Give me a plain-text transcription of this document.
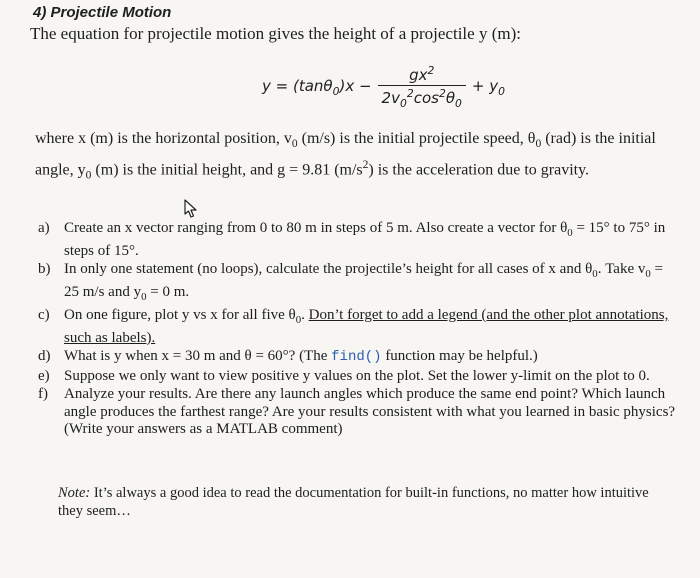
4) Projectile Motion
The equation for projectile motion gives the height of a projectile y (m):
$y = (\tan\theta_0)x - \frac{gx^2}{2v_0^2\cos^2\theta_0} + y_0$
where x (m) is the horizontal position, $v_0$ (m/s) is the initial projectile speed, $\theta_0$ (rad) is the initial angle, $y_0$ (m) is the initial height, and g = 9.81 $(m/s^2)$ is the acceleration due to gravity.
a) Create an x vector ranging from 0 to 80 m in steps of 5 m. Also create a vector for $\theta_0 = 15^\circ$ to 75° in steps of 15°.
b) In only one statement (no loops), calculate the projectile’s height for all cases of x and $\theta_0$. Take $v_0 = 25$ m/s and $y_0 = 0$ m.
c) On one figure, plot y vs x for all five $\theta_0$. Don’t forget to add a legend (and the other plot annotations, such as labels).
d) What is y when x = 30 m and θ = 60°? (The find() function may be helpful.)
e) Suppose we only want to view positive y values on the plot. Set the lower y-limit on the plot to 0.
f) Analyze your results. Are there any launch angles which produce the same end point? Which launch angle produces the farthest range? Are your results consistent with what you learned in basic physics? (Write your answers as a MATLAB comment)
Note: It’s always a good idea to read the documentation for built-in functions, no matter how intuitive they seem…
